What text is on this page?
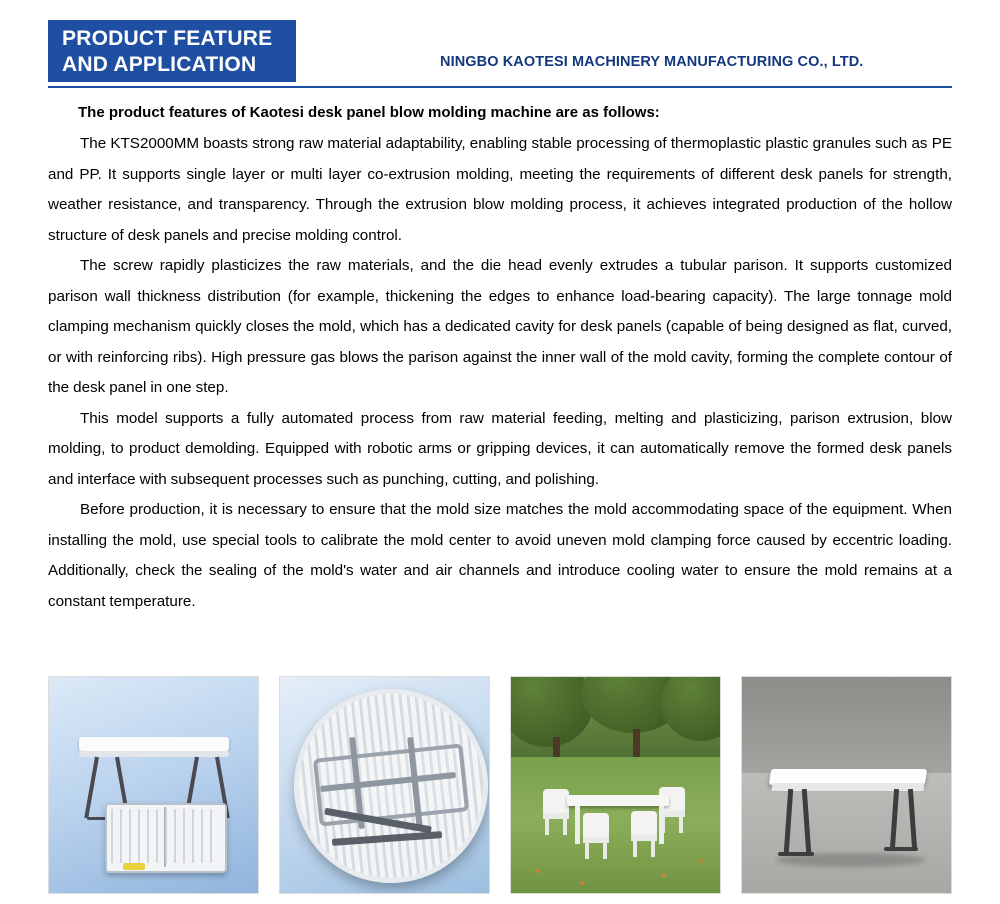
PRODUCT FEATURE
AND APPLICATION	NINGBO KAOTESI MACHINERY MANUFACTURING CO., LTD.

The product features of Kaotesi desk panel blow molding machine are as follows:

The KTS2000MM boasts strong raw material adaptability, enabling stable processing of thermoplastic plastic granules such as PE and PP. It supports single layer or multi layer co-extrusion molding, meeting the requirements of different desk panels for strength, weather resistance, and transparency. Through the extrusion blow molding process, it achieves integrated production of the hollow structure of desk panels and precise molding control.

The screw rapidly plasticizes the raw materials, and the die head evenly extrudes a tubular parison. It supports customized parison wall thickness distribution (for example, thickening the edges to enhance load-bearing capacity). The large tonnage mold clamping mechanism quickly closes the mold, which has a dedicated cavity for desk panels (capable of being designed as flat, curved, or with reinforcing ribs). High pressure gas blows the parison against the inner wall of the mold cavity, forming the complete contour of the desk panel in one step.

This model supports a fully automated process from raw material feeding, melting and plasticizing, parison extrusion, blow molding, to product demolding. Equipped with robotic arms or gripping devices, it can automatically remove the formed desk panels and interface with subsequent processes such as punching, cutting, and polishing.

Before production, it is necessary to ensure that the mold size matches the mold accommodating space of the equipment. When installing the mold, use special tools to calibrate the mold center to avoid uneven mold clamping force caused by eccentric loading. Additionally, check the sealing of the mold's water and air channels and introduce cooling water to ensure the mold remains at a constant temperature.
